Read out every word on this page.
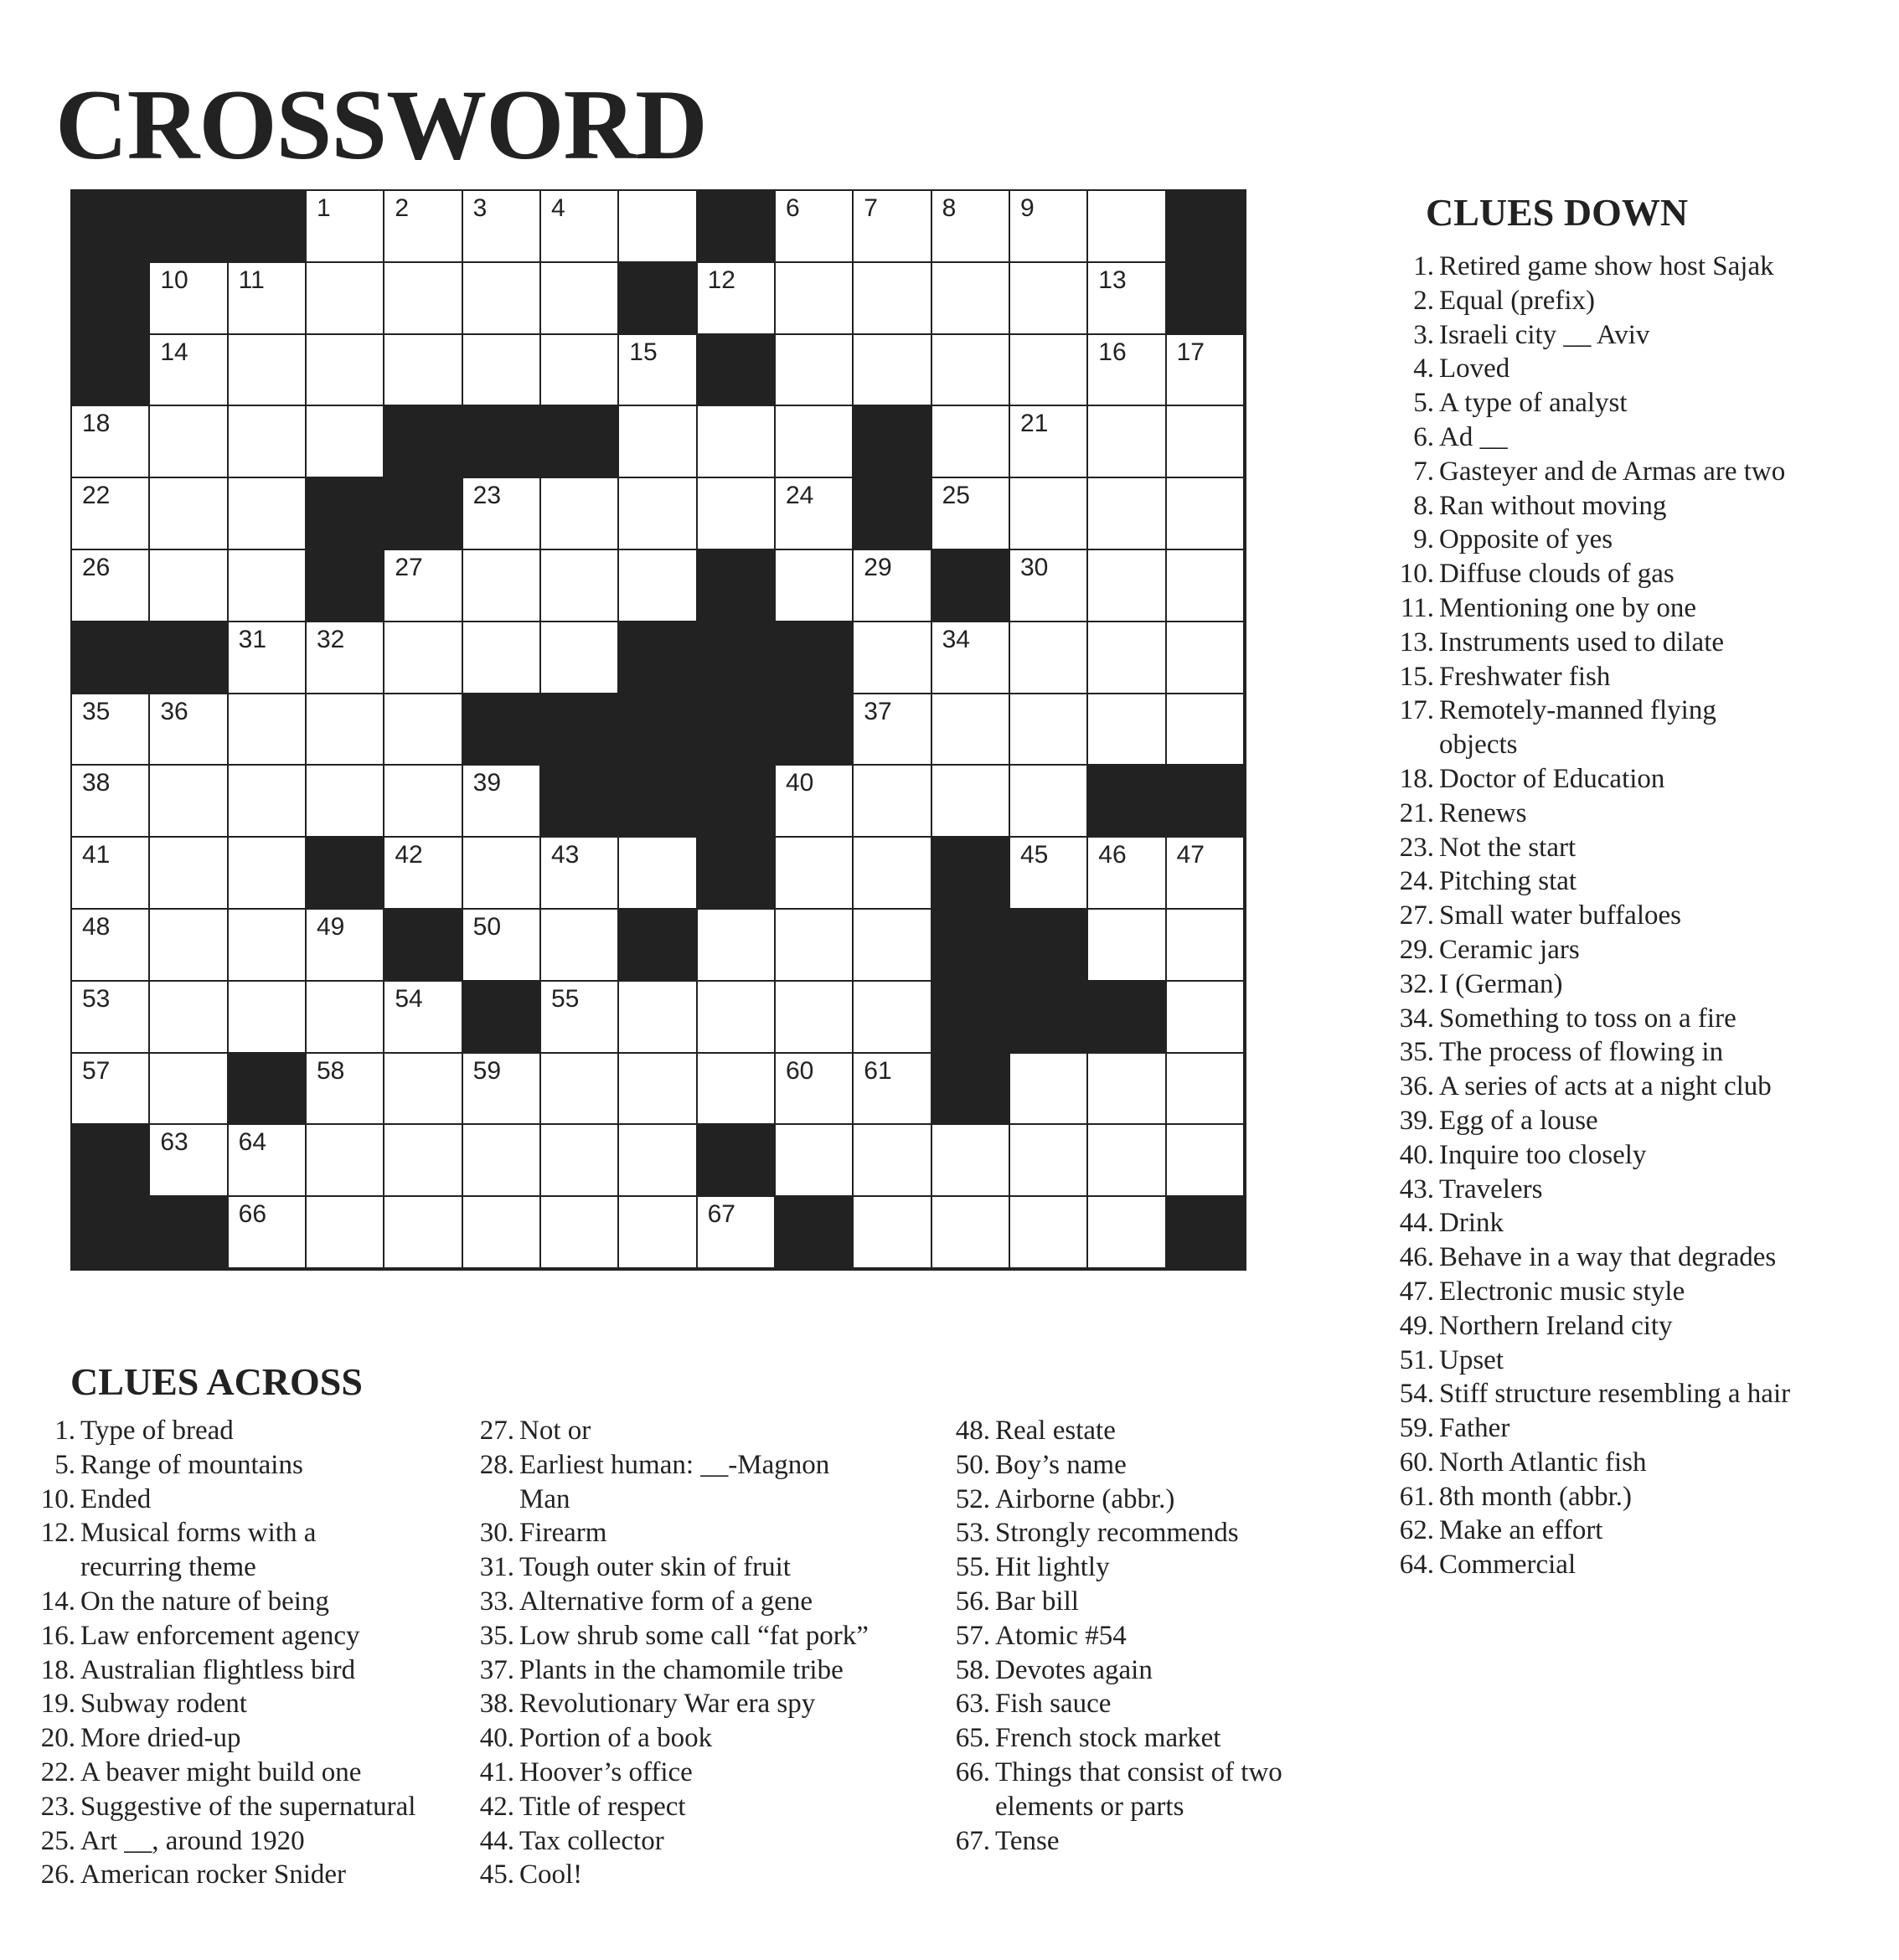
CROSSWORD
1	2	3	4	6	7	8	9
10 11	12	13
14	15	16 17
18	21
22	23	24	25
26	27	29	30
31 32	34
35 36	37
38	39	40
41	42	43	45 46 47
48	49	50
53	54	55
57	58	59	60 61
63 64
66	67
CLUES DOWN
1. Retired game show host Sajak
2. Equal (prefix)
3. Israeli city __ Aviv
4. Loved
5. A type of analyst
6. Ad __
7. Gasteyer and de Armas are two
8. Ran without moving
9. Opposite of yes
10. Diffuse clouds of gas
11. Mentioning one by one
13. Instruments used to dilate
15. Freshwater fish
17. Remotely-manned flying
objects
18. Doctor of Education
21. Renews
23. Not the start
24. Pitching stat
27. Small water buffaloes
29. Ceramic jars
32. I (German)
34. Something to toss on a fire
35. The process of flowing in
36. A series of acts at a night club
39. Egg of a louse
40. Inquire too closely
43. Travelers
44. Drink
46. Behave in a way that degrades
47. Electronic music style
49. Northern Ireland city
51. Upset
54. Stiff structure resembling a hair
59. Father
60. North Atlantic fish
61. 8th month (abbr.)
62. Make an effort
64. Commercial
CLUES ACROSS
1. Type of bread
5. Range of mountains
10. Ended
12. Musical forms with a
recurring theme
14. On the nature of being
16. Law enforcement agency
18. Australian flightless bird
19. Subway rodent
20. More dried-up
22. A beaver might build one
23. Suggestive of the supernatural
25. Art __, around 1920
26. American rocker Snider
27. Not or
28. Earliest human: __-Magnon
Man
30. Firearm
31. Tough outer skin of fruit
33. Alternative form of a gene
35. Low shrub some call “fat pork”
37. Plants in the chamomile tribe
38. Revolutionary War era spy
40. Portion of a book
41. Hoover’s office
42. Title of respect
44. Tax collector
45. Cool!
48. Real estate
50. Boy’s name
52. Airborne (abbr.)
53. Strongly recommends
55. Hit lightly
56. Bar bill
57. Atomic #54
58. Devotes again
63. Fish sauce
65. French stock market
66. Things that consist of two
elements or parts
67. Tense
